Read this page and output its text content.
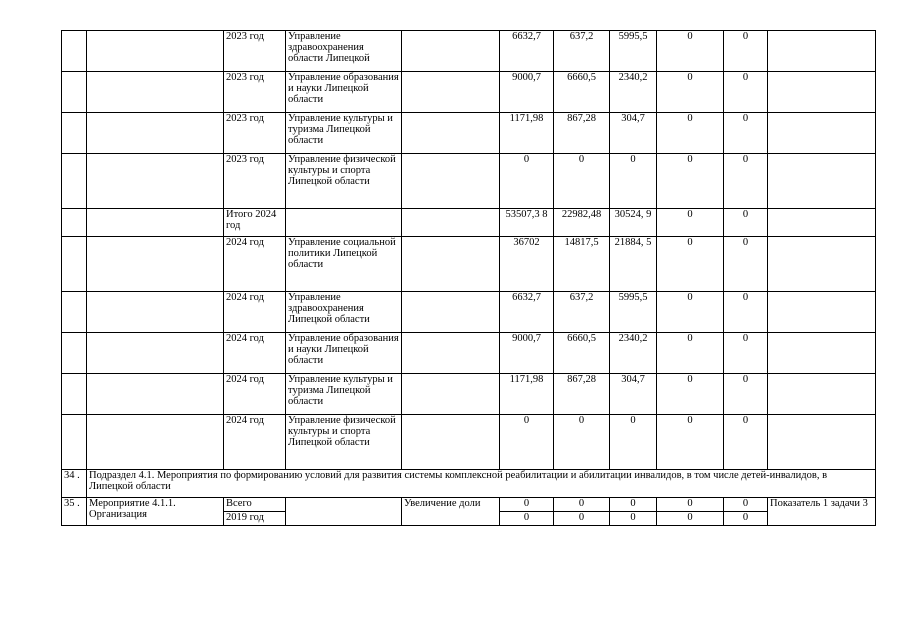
		2023 год	Управление здравоохранения области Липецкой		6632,7	637,2	5995,5	0	0	
		2023 год	Управление образования и науки Липецкой области		9000,7	6660,5	2340,2	0	0	
		2023 год	Управление культуры и туризма Липецкой области		1171,98	867,28	304,7	0	0	
		2023 год	Управление физической культуры и спорта Липецкой области		0	0	0	0	0	
		Итого 2024 год			53507,3 8	22982,48	30524, 9	0	0	
		2024 год	Управление социальной политики Липецкой области		36702	14817,5	21884, 5	0	0	
		2024 год	Управление здравоохранения Липецкой области		6632,7	637,2	5995,5	0	0	
		2024 год	Управление образования и науки Липецкой области		9000,7	6660,5	2340,2	0	0	
		2024 год	Управление культуры и туризма Липецкой области		1171,98	867,28	304,7	0	0	
		2024 год	Управление физической культуры и спорта Липецкой области		0	0	0	0	0	
34 .	Подраздел 4.1. Мероприятия по формированию условий для развития системы комплексной реабилитации и абилитации инвалидов, в том числе детей-инвалидов, в Липецкой области									
35 .	Мероприятие 4.1.1. Организация	Всего		Увеличение доли	0	0	0	0	0	Показатель 1 задачи 3
		2019 год			0	0	0	0	0	
